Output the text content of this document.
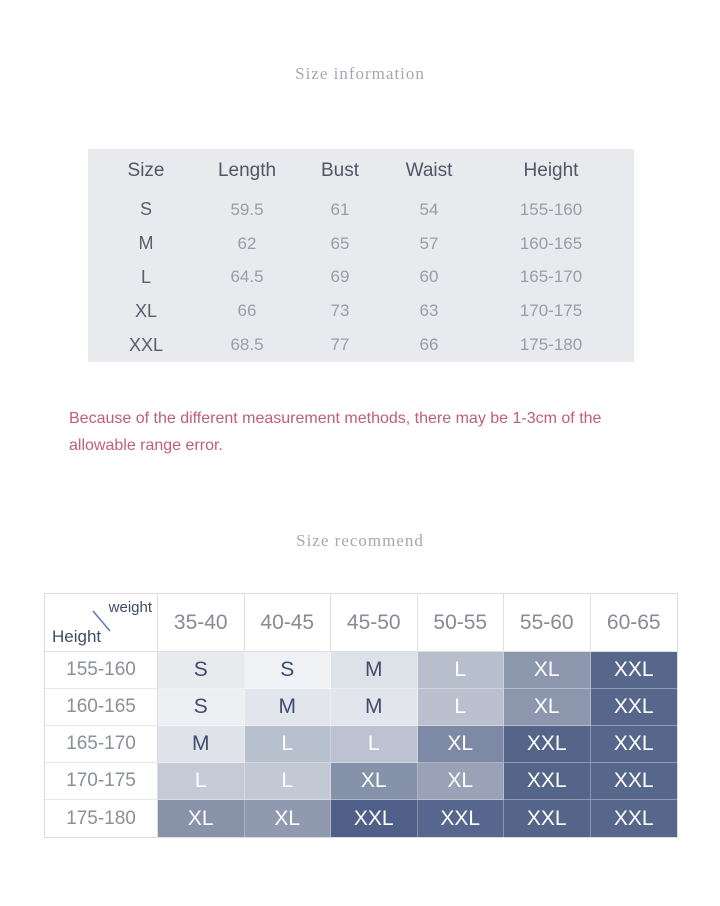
Size information
Size	Length	Bust	Waist	Height
S	59.5	61	54	155-160
M	62	65	57	160-165
L	64.5	69	60	165-170
XL	66	73	63	170-175
XXL	68.5	77	66	175-180
Because of the different measurement methods, there may be 1-3cm of the allowable range error.
Size recommend
weight
Height
35-40	40-45	45-50	50-55	55-60	60-65
155-160	S	S	M	L	XL	XXL
160-165	S	M	M	L	XL	XXL
165-170	M	L	L	XL	XXL	XXL
170-175	L	L	XL	XL	XXL	XXL
175-180	XL	XL	XXL	XXL	XXL	XXL
